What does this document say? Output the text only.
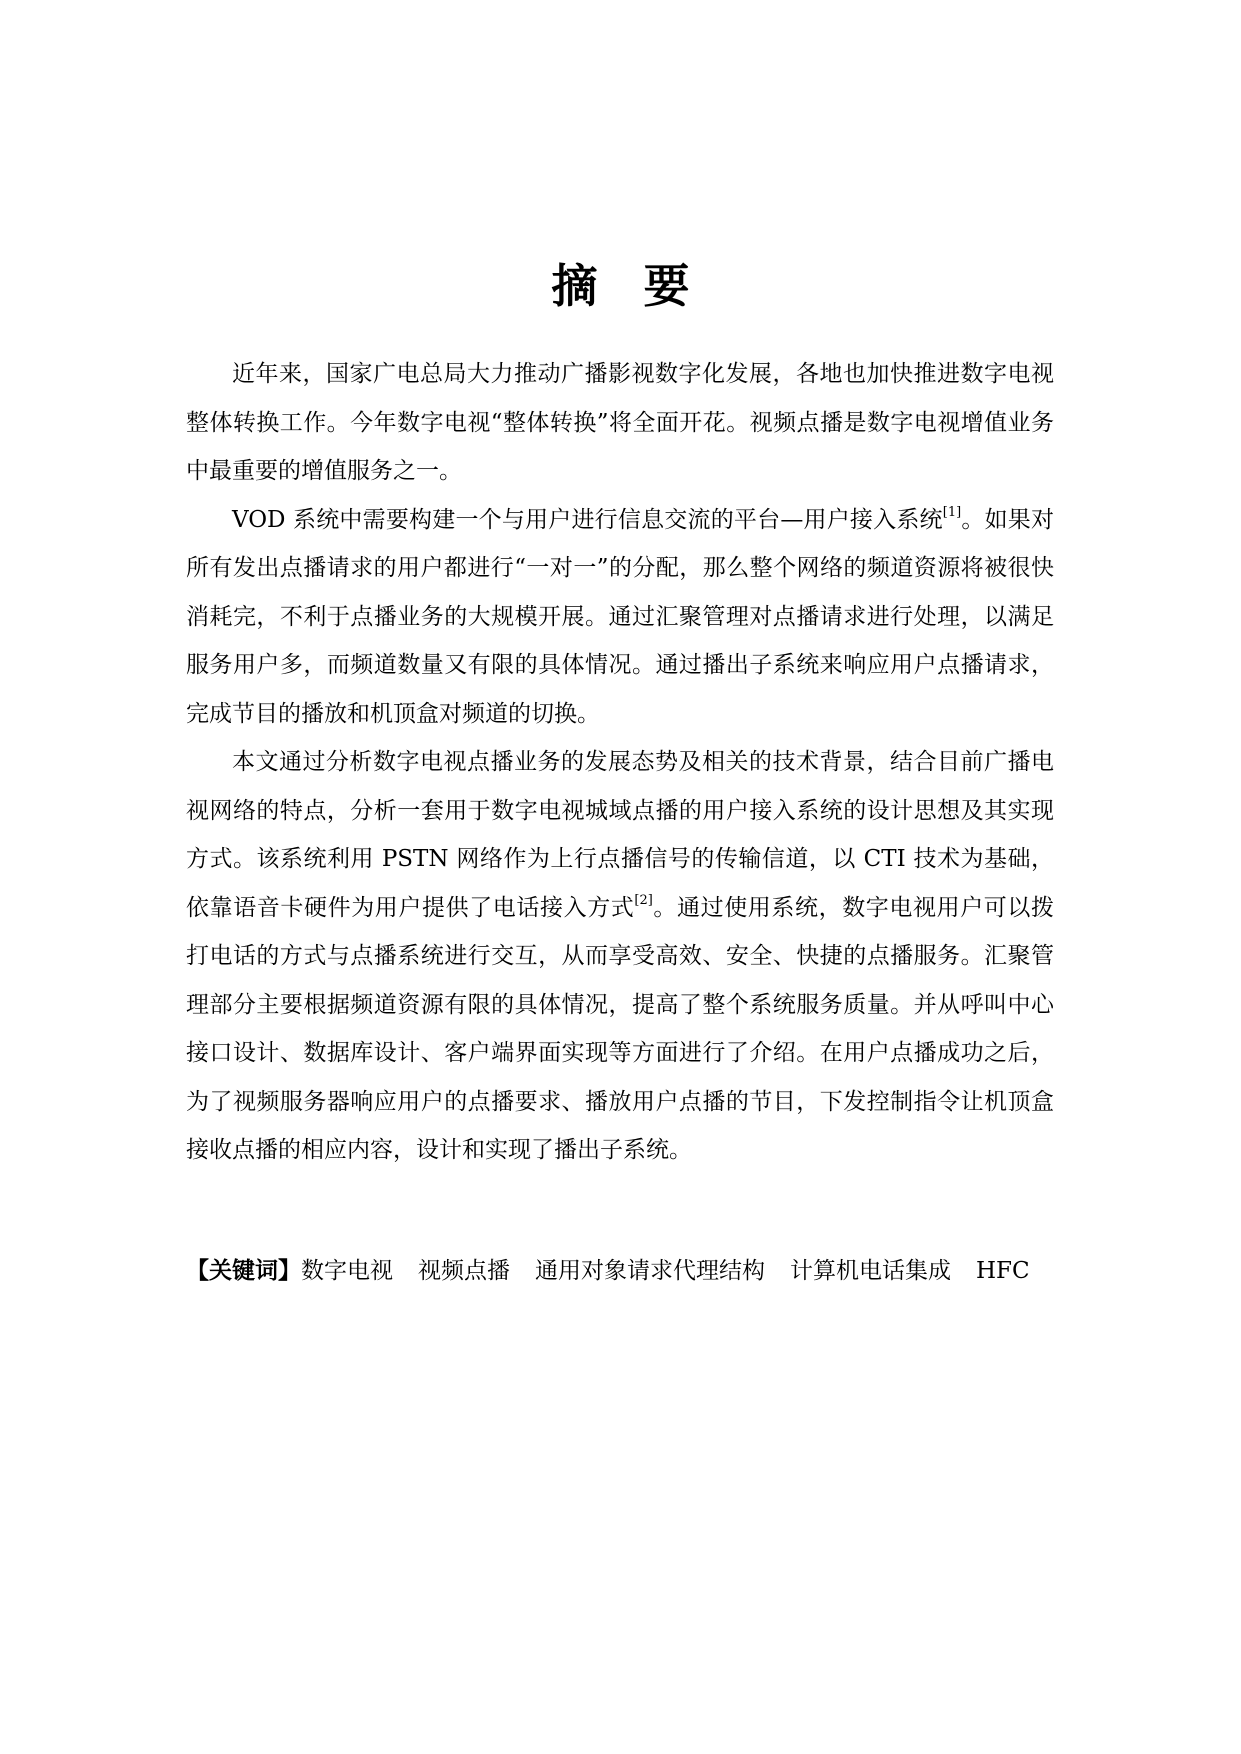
摘 要

近年来，国家广电总局大力推动广播影视数字化发展，各地也加快推进数字电视整体转换工作。今年数字电视“整体转换”将全面开花。视频点播是数字电视增值业务中最重要的增值服务之一。

VOD 系统中需要构建一个与用户进行信息交流的平台—用户接入系统[1]。如果对所有发出点播请求的用户都进行“一对一”的分配，那么整个网络的频道资源将被很快消耗完，不利于点播业务的大规模开展。通过汇聚管理对点播请求进行处理，以满足服务用户多，而频道数量又有限的具体情况。通过播出子系统来响应用户点播请求，完成节目的播放和机顶盒对频道的切换。

本文通过分析数字电视点播业务的发展态势及相关的技术背景，结合目前广播电视网络的特点，分析一套用于数字电视城域点播的用户接入系统的设计思想及其实现方式。该系统利用 PSTN 网络作为上行点播信号的传输信道，以 CTI 技术为基础，依靠语音卡硬件为用户提供了电话接入方式[2]。通过使用系统，数字电视用户可以拨打电话的方式与点播系统进行交互，从而享受高效、安全、快捷的点播服务。汇聚管理部分主要根据频道资源有限的具体情况，提高了整个系统服务质量。并从呼叫中心接口设计、数据库设计、客户端界面实现等方面进行了介绍。在用户点播成功之后，为了视频服务器响应用户的点播要求、播放用户点播的节目，下发控制指令让机顶盒接收点播的相应内容，设计和实现了播出子系统。

【关键词】数字电视 视频点播 通用对象请求代理结构 计算机电话集成 HFC
